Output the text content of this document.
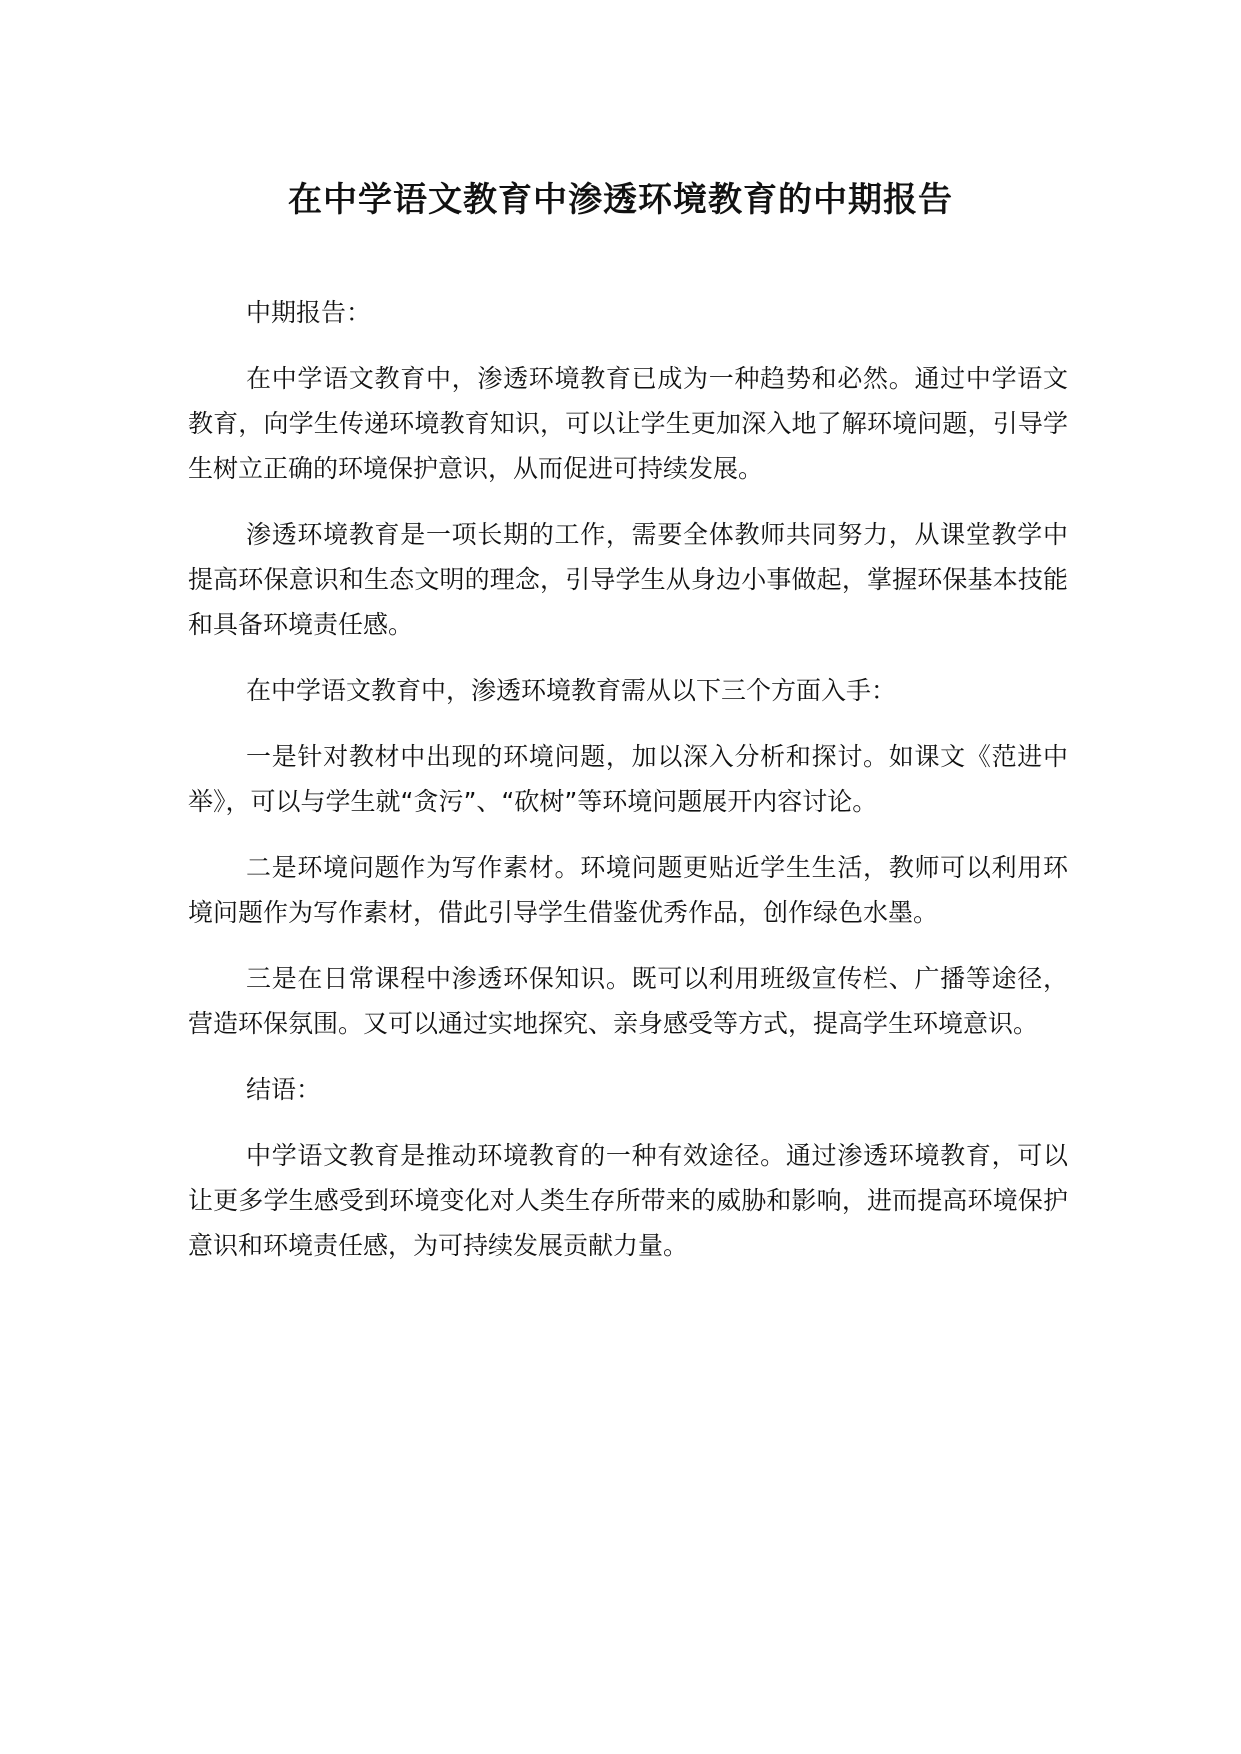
在中学语文教育中渗透环境教育的中期报告

中期报告：

在中学语文教育中，渗透环境教育已成为一种趋势和必然。通过中学语文教育，向学生传递环境教育知识，可以让学生更加深入地了解环境问题，引导学生树立正确的环境保护意识，从而促进可持续发展。

渗透环境教育是一项长期的工作，需要全体教师共同努力，从课堂教学中提高环保意识和生态文明的理念，引导学生从身边小事做起，掌握环保基本技能和具备环境责任感。

在中学语文教育中，渗透环境教育需从以下三个方面入手：

一是针对教材中出现的环境问题，加以深入分析和探讨。如课文《范进中举》，可以与学生就“贪污”、“砍树”等环境问题展开内容讨论。

二是环境问题作为写作素材。环境问题更贴近学生生活，教师可以利用环境问题作为写作素材，借此引导学生借鉴优秀作品，创作绿色水墨。

三是在日常课程中渗透环保知识。既可以利用班级宣传栏、广播等途径，营造环保氛围。又可以通过实地探究、亲身感受等方式，提高学生环境意识。

结语：

中学语文教育是推动环境教育的一种有效途径。通过渗透环境教育，可以让更多学生感受到环境变化对人类生存所带来的威胁和影响，进而提高环境保护意识和环境责任感，为可持续发展贡献力量。
